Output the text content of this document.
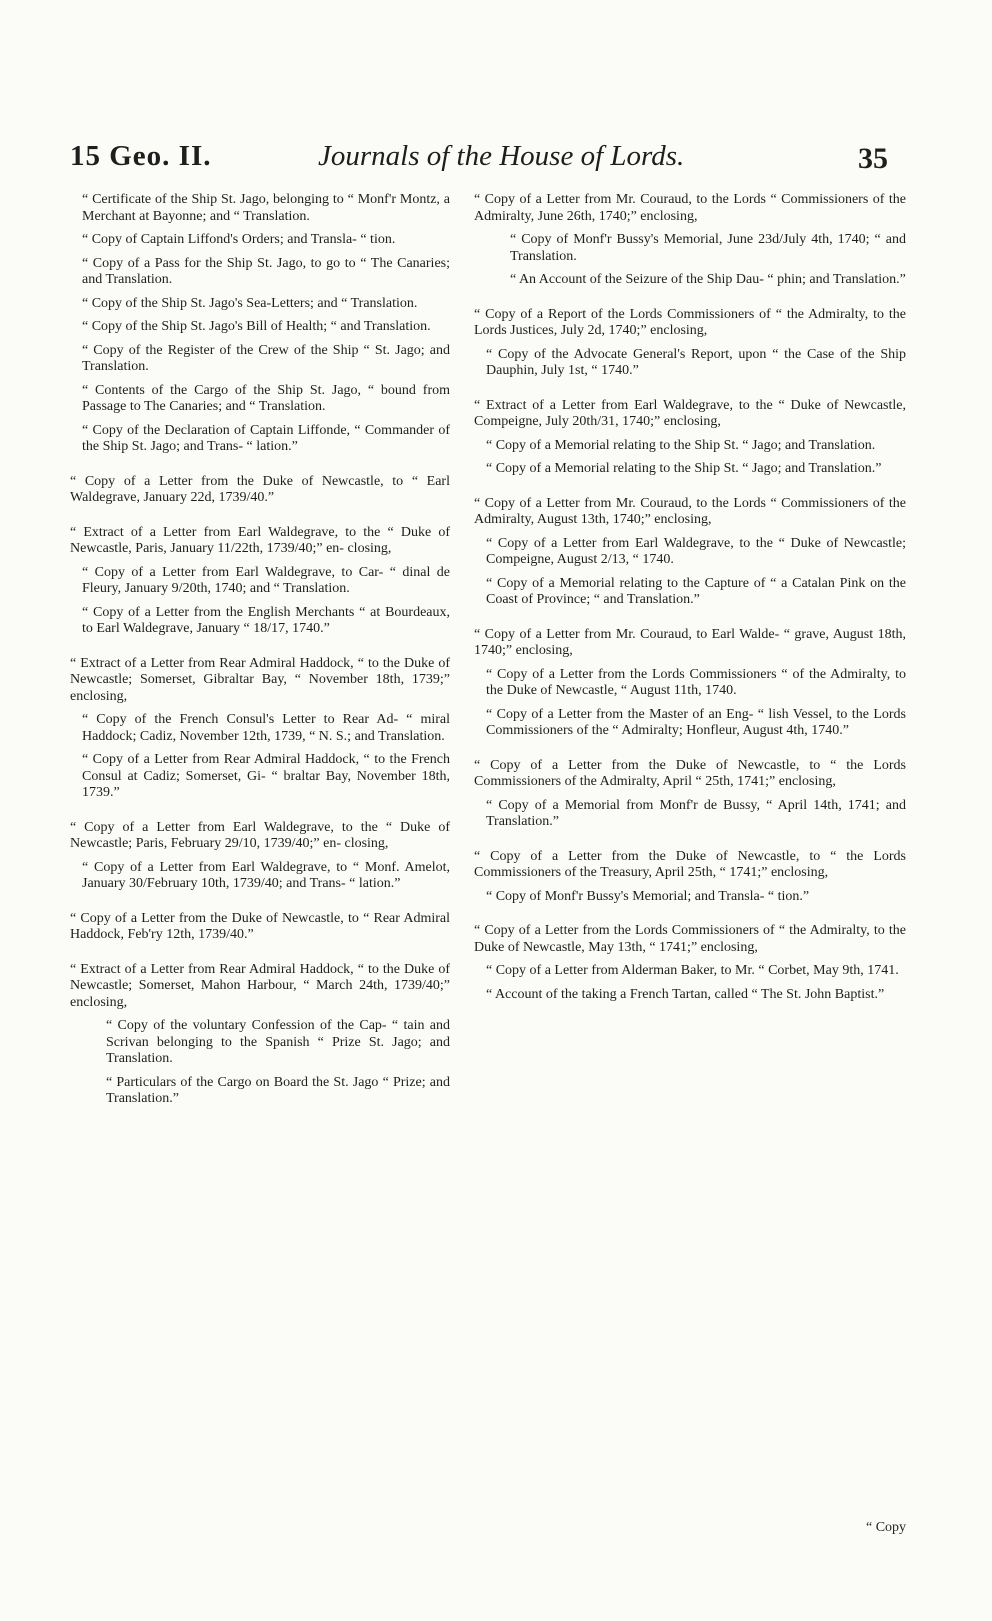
15 Geo. II.	Journals of the House of Lords.	35

“ Certificate of the Ship St. Jago, belonging to “ Monf'r Montz, a Merchant at Bayonne; and “ Translation.

“ Copy of Captain Liffond's Orders; and Transla- “ tion.

“ Copy of a Pass for the Ship St. Jago, to go to “ The Canaries; and Translation.

“ Copy of the Ship St. Jago's Sea-Letters; and “ Translation.

“ Copy of the Ship St. Jago's Bill of Health; “ and Translation.

“ Copy of the Register of the Crew of the Ship “ St. Jago; and Translation.

“ Contents of the Cargo of the Ship St. Jago, “ bound from Passage to The Canaries; and “ Translation.

“ Copy of the Declaration of Captain Liffonde, “ Commander of the Ship St. Jago; and Trans- “ lation.”

“ Copy of a Letter from the Duke of Newcastle, to “ Earl Waldegrave, January 22d, 1739/40.”

“ Extract of a Letter from Earl Waldegrave, to the “ Duke of Newcastle, Paris, January 11/22th, 1739/40;” en- closing,

“ Copy of a Letter from Earl Waldegrave, to Car- “ dinal de Fleury, January 9/20th, 1740; and “ Translation.

“ Copy of a Letter from the English Merchants “ at Bourdeaux, to Earl Waldegrave, January “ 18/17, 1740.”

“ Extract of a Letter from Rear Admiral Haddock, “ to the Duke of Newcastle; Somerset, Gibraltar Bay, “ November 18th, 1739;” enclosing,

“ Copy of the French Consul's Letter to Rear Ad- “ miral Haddock; Cadiz, November 12th, 1739, “ N. S.; and Translation.

“ Copy of a Letter from Rear Admiral Haddock, “ to the French Consul at Cadiz; Somerset, Gi- “ braltar Bay, November 18th, 1739.”

“ Copy of a Letter from Earl Waldegrave, to the “ Duke of Newcastle; Paris, February 29/10, 1739/40;” en- closing,

“ Copy of a Letter from Earl Waldegrave, to “ Monf. Amelot, January 30/February 10th, 1739/40; and Trans- “ lation.”

“ Copy of a Letter from the Duke of Newcastle, to “ Rear Admiral Haddock, Feb'ry 12th, 1739/40.”

“ Extract of a Letter from Rear Admiral Haddock, “ to the Duke of Newcastle; Somerset, Mahon Harbour, “ March 24th, 1739/40;” enclosing,

“ Copy of the voluntary Confession of the Cap- “ tain and Scrivan belonging to the Spanish “ Prize St. Jago; and Translation.

“ Particulars of the Cargo on Board the St. Jago “ Prize; and Translation.”

“ Copy of a Letter from Mr. Couraud, to the Lords “ Commissioners of the Admiralty, June 26th, 1740;” enclosing,

“ Copy of Monf'r Bussy's Memorial, June 23d/July 4th, 1740; “ and Translation.

“ An Account of the Seizure of the Ship Dau- “ phin; and Translation.”

“ Copy of a Report of the Lords Commissioners of “ the Admiralty, to the Lords Justices, July 2d, 1740;” enclosing,

“ Copy of the Advocate General's Report, upon “ the Case of the Ship Dauphin, July 1st, “ 1740.”

“ Extract of a Letter from Earl Waldegrave, to the “ Duke of Newcastle, Compeigne, July 20th/31, 1740;” enclosing,

“ Copy of a Memorial relating to the Ship St. “ Jago; and Translation.

“ Copy of a Memorial relating to the Ship St. “ Jago; and Translation.”

“ Copy of a Letter from Mr. Couraud, to the Lords “ Commissioners of the Admiralty, August 13th, 1740;” enclosing,

“ Copy of a Letter from Earl Waldegrave, to the “ Duke of Newcastle; Compeigne, August 2/13, “ 1740.

“ Copy of a Memorial relating to the Capture of “ a Catalan Pink on the Coast of Province; “ and Translation.”

“ Copy of a Letter from Mr. Couraud, to Earl Walde- “ grave, August 18th, 1740;” enclosing,

“ Copy of a Letter from the Lords Commissioners “ of the Admiralty, to the Duke of Newcastle, “ August 11th, 1740.

“ Copy of a Letter from the Master of an Eng- “ lish Vessel, to the Lords Commissioners of the “ Admiralty; Honfleur, August 4th, 1740.”

“ Copy of a Letter from the Duke of Newcastle, to “ the Lords Commissioners of the Admiralty, April “ 25th, 1741;” enclosing,

“ Copy of a Memorial from Monf'r de Bussy, “ April 14th, 1741; and Translation.”

“ Copy of a Letter from the Duke of Newcastle, to “ the Lords Commissioners of the Treasury, April 25th, “ 1741;” enclosing,

“ Copy of Monf'r Bussy's Memorial; and Transla- “ tion.”

“ Copy of a Letter from the Lords Commissioners of “ the Admiralty, to the Duke of Newcastle, May 13th, “ 1741;” enclosing,

“ Copy of a Letter from Alderman Baker, to Mr. “ Corbet, May 9th, 1741.

“ Account of the taking a French Tartan, called “ The St. John Baptist.”

“ Copy
